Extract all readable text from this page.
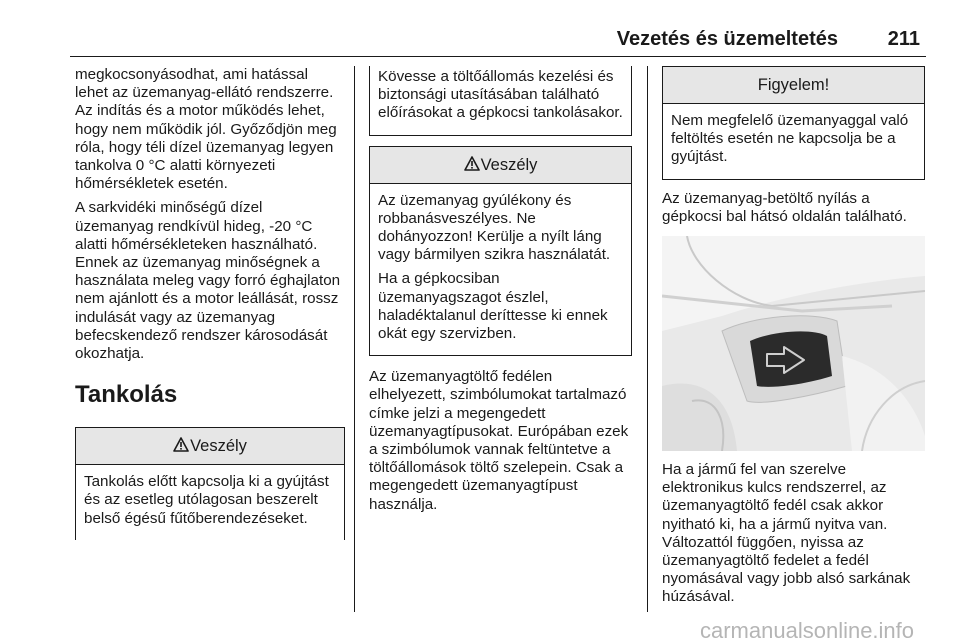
Vezetés és üzemeltetés	211

megkocsonyásodhat, ami hatással lehet az üzemanyag-ellátó rendszerre. Az indítás és a motor működés lehet, hogy nem működik jól. Győződjön meg róla, hogy téli dízel üzemanyag legyen tankolva 0 °C alatti környezeti hőmérsékletek esetén.

A sarkvidéki minőségű dízel üzemanyag rendkívül hideg, -20 °C alatti hőmérsékleteken használható. Ennek az üzemanyag minőségnek a használata meleg vagy forró éghajlaton nem ajánlott és a motor leállását, rossz indulását vagy az üzemanyag befecskendező rendszer károsodását okozhatja.

Tankolás
Veszély

Tankolás előtt kapcsolja ki a gyújtást és az esetleg utólagosan beszerelt belső égésű fűtőberendezéseket.

Kövesse a töltőállomás kezelési és biztonsági utasításában található előírásokat a gépkocsi tankolásakor.

Veszély

Az üzemanyag gyúlékony és robbanásveszélyes. Ne dohányozzon! Kerülje a nyílt láng vagy bármilyen szikra használatát.

Ha a gépkocsiban üzemanyagszagot észlel, haladéktalanul deríttesse ki ennek okát egy szervizben.

Az üzemanyagtöltő fedélen elhelyezett, szimbólumokat tartalmazó címke jelzi a megengedett üzemanyagtípusokat. Európában ezek a szimbólumok vannak feltüntetve a töltőállomások töltő szelepein. Csak a megengedett üzemanyagtípust használja.

Figyelem!

Nem megfelelő üzemanyaggal való feltöltés esetén ne kapcsolja be a gyújtást.

Az üzemanyag-betöltő nyílás a gépkocsi bal hátsó oldalán található.

Ha a jármű fel van szerelve elektronikus kulcs rendszerrel, az üzemanyagtöltő fedél csak akkor nyitható ki, ha a jármű nyitva van. Változattól függően, nyissa az üzemanyagtöltő fedelet a fedél nyomásával vagy jobb alsó sarkának húzásával.

carmanualsonline.info
